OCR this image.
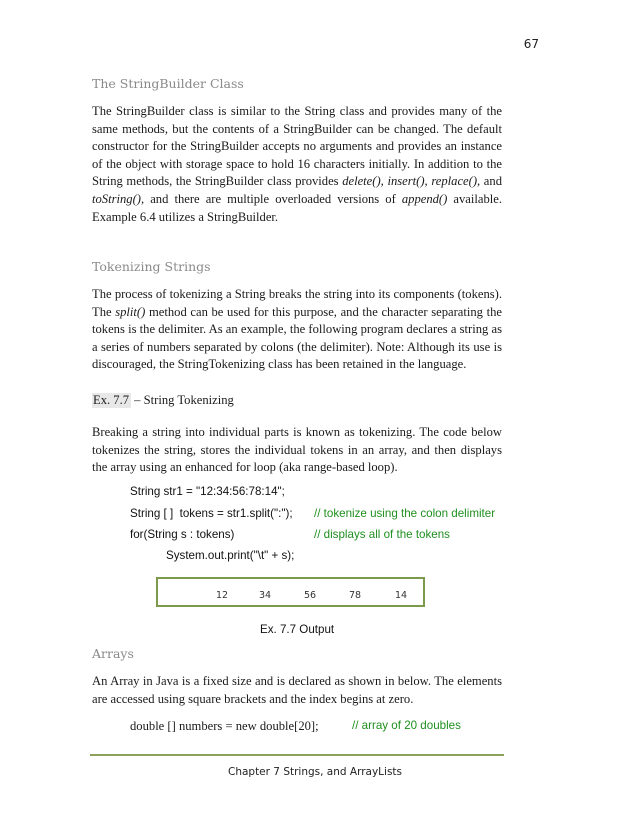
67
The StringBuilder Class

The StringBuilder class is similar to the String class and provides many of the same methods, but the contents of a StringBuilder can be changed. The default constructor for the StringBuilder accepts no arguments and provides an instance of the object with storage space to hold 16 characters initially. In addition to the String methods, the StringBuilder class provides delete(), insert(), replace(), and toString(), and there are multiple overloaded versions of append() available. Example 6.4 utilizes a StringBuilder.

Tokenizing Strings

The process of tokenizing a String breaks the string into its components (tokens). The split() method can be used for this purpose, and the character separating the tokens is the delimiter. As an example, the following program declares a string as a series of numbers separated by colons (the delimiter). Note: Although its use is discouraged, the StringTokenizing class has been retained in the language.

Ex. 7.7 – String Tokenizing

Breaking a string into individual parts is known as tokenizing. The code below tokenizes the string, stores the individual tokens in an array, and then displays the array using an enhanced for loop (aka range-based loop).

String str1 = "12:34:56:78:14";
String [ ]  tokens = str1.split(":"); // tokenize using the colon delimiter
for(String s : tokens)	// displays all of the tokens
System.out.print("\t" + s);
12	34	56	78	14
Ex. 7.7 Output
Arrays

An Array in Java is a fixed size and is declared as shown in below. The elements are accessed using square brackets and the index begins at zero.

double [] numbers = new double[20];	// array of 20 doubles
Chapter 7 Strings, and ArrayLists
